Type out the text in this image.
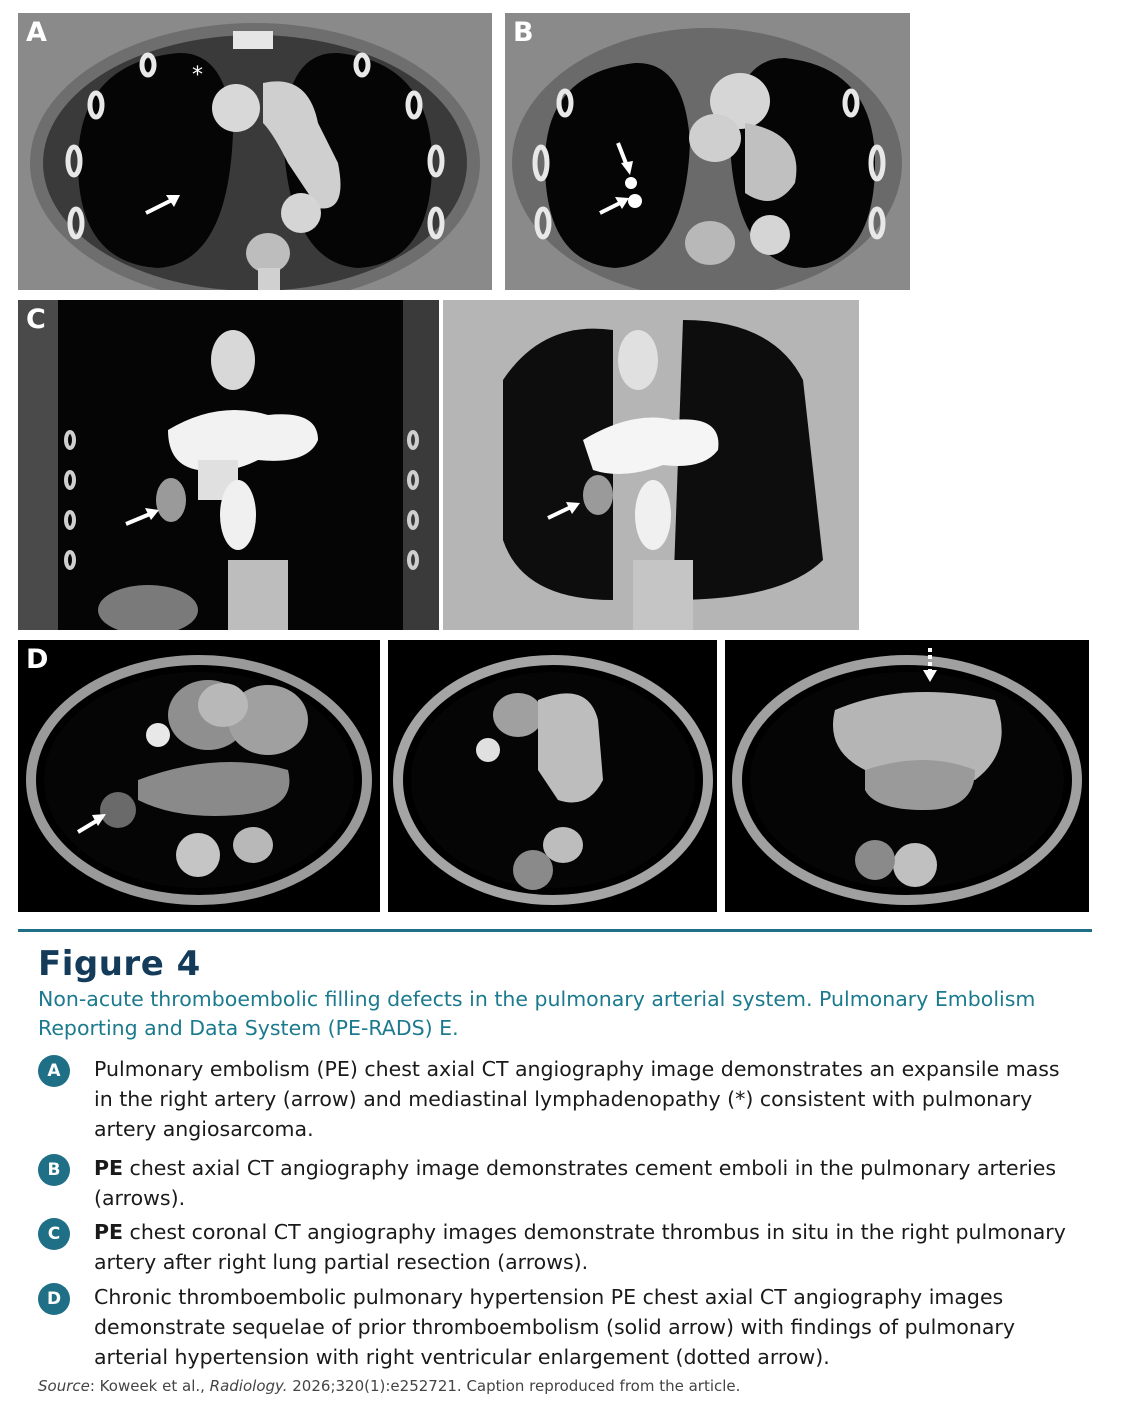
A
*
B
C
D
Figure 4
Non-acute thromboembolic filling defects in the pulmonary arterial system. Pulmonary Embolism Reporting and Data System (PE-RADS) E.
A	Pulmonary embolism (PE) chest axial CT angiography image demonstrates an expansile mass in the right artery (arrow) and mediastinal lymphadenopathy (*) consistent with pulmonary artery angiosarcoma.
B	PE chest axial CT angiography image demonstrates cement emboli in the pulmonary arteries (arrows).
C	PE chest coronal CT angiography images demonstrate thrombus in situ in the right pulmonary artery after right lung partial resection (arrows).
D	Chronic thromboembolic pulmonary hypertension PE chest axial CT angiography images demonstrate sequelae of prior thromboembolism (solid arrow) with findings of pulmonary arterial hypertension with right ventricular enlargement (dotted arrow).
Source: Koweek et al., Radiology. 2026;320(1):e252721. Caption reproduced from the article.
